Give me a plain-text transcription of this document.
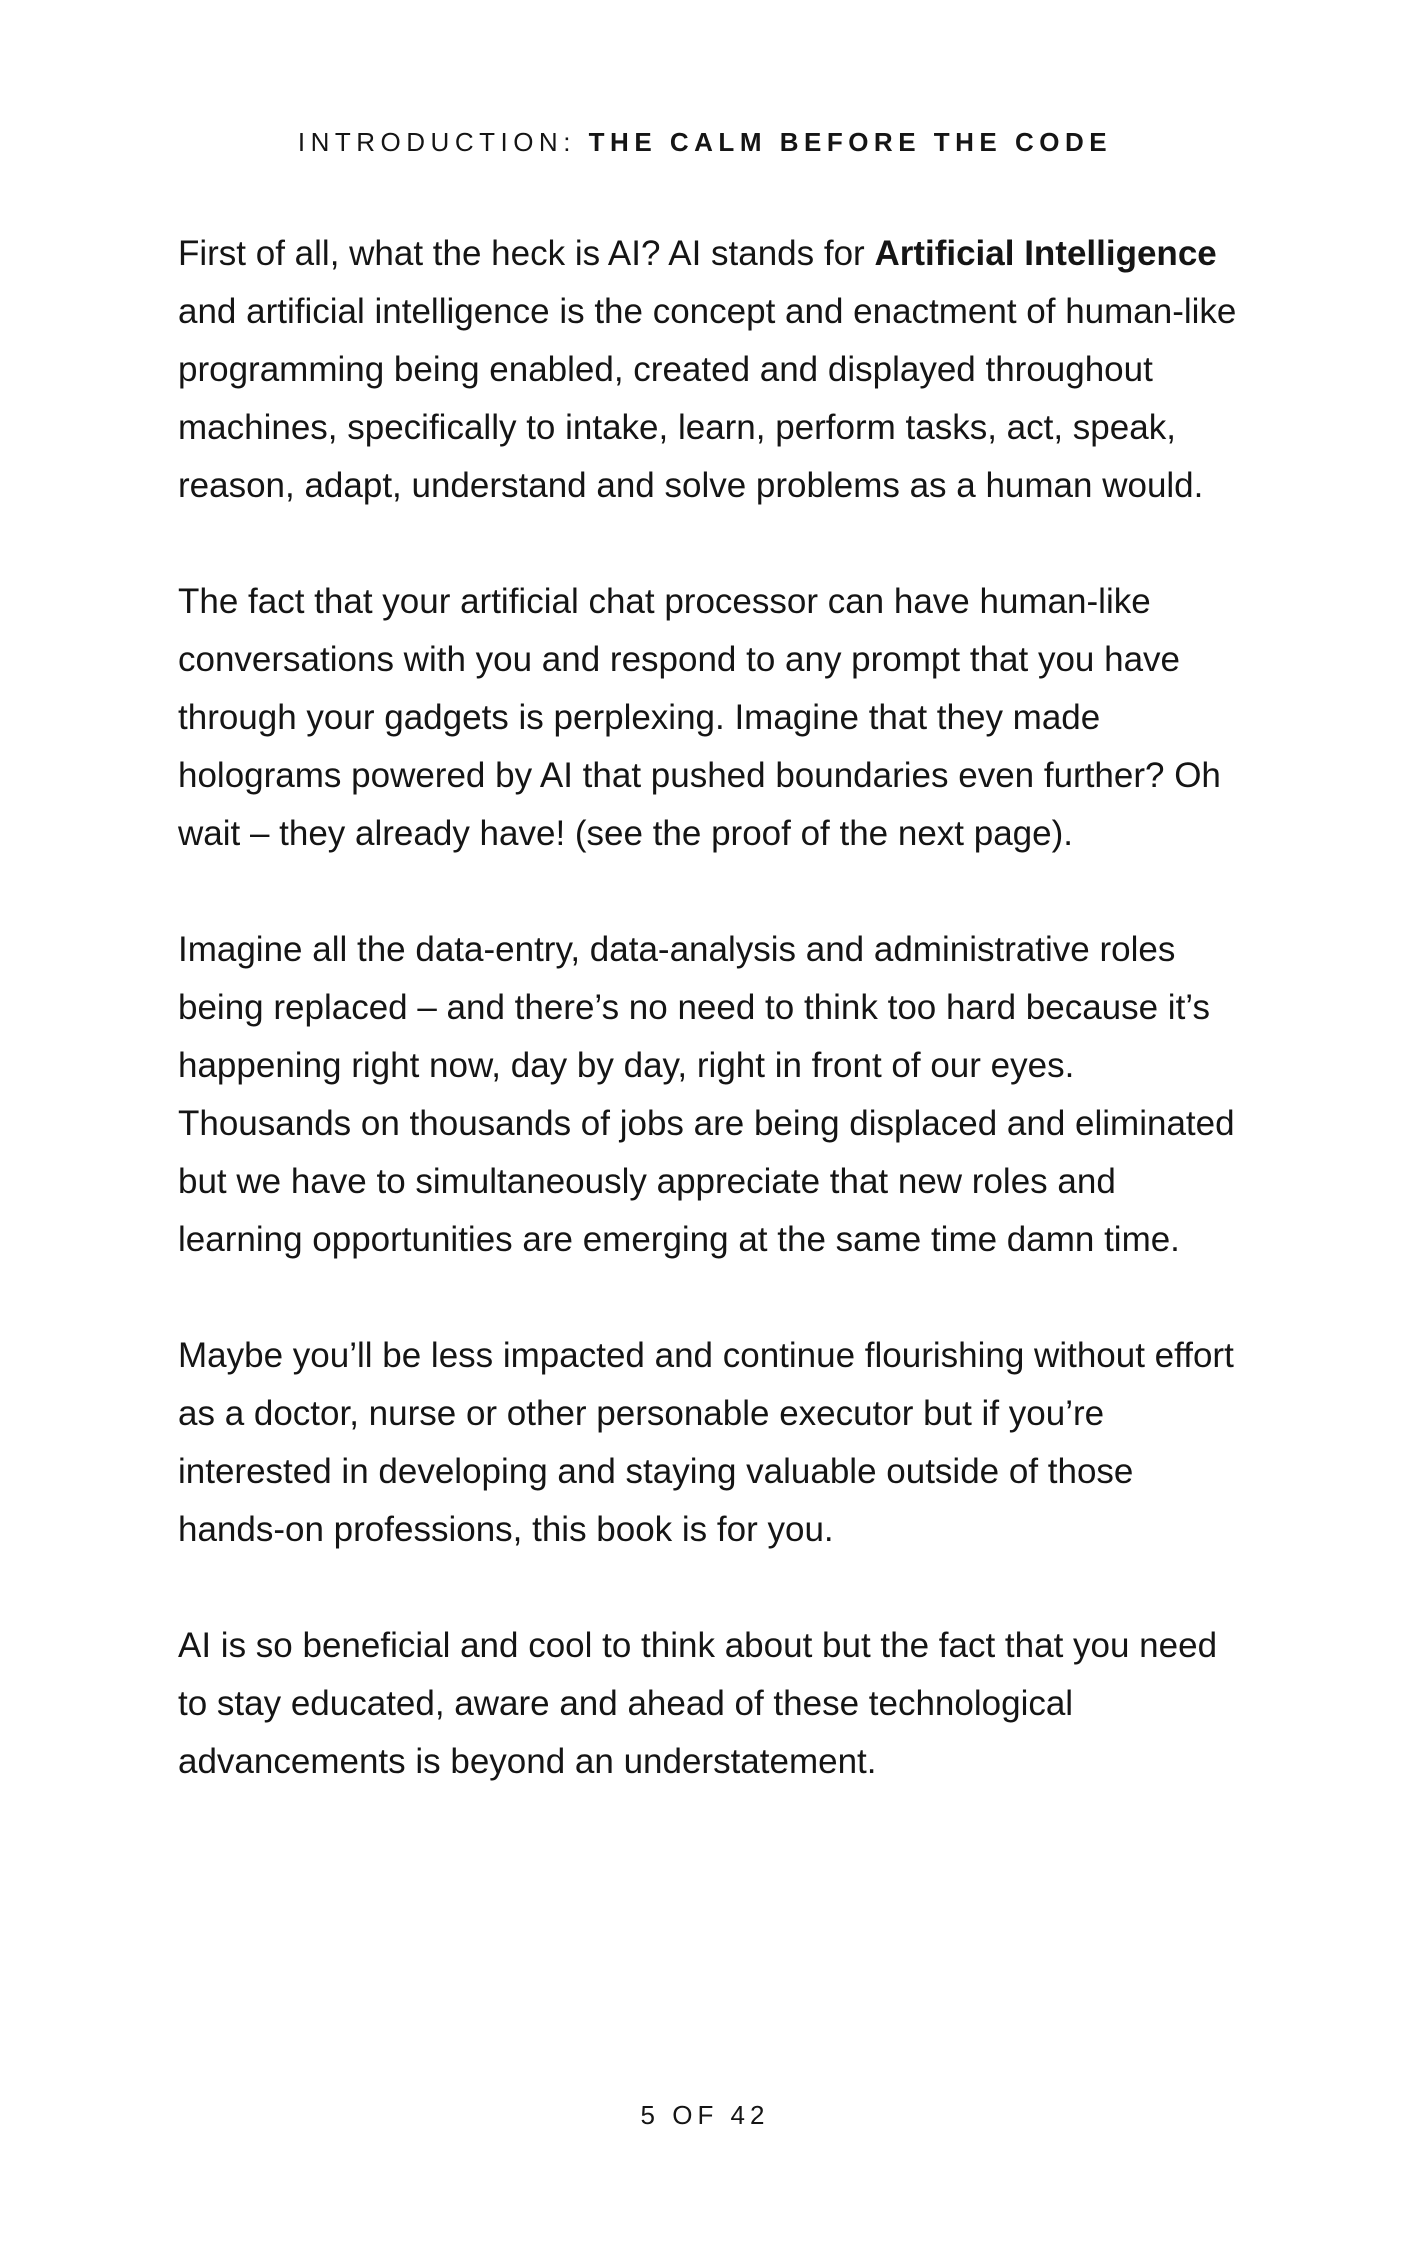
INTRODUCTION: THE CALM BEFORE THE CODE

First of all, what the heck is AI? AI stands for Artificial Intelligence and artificial intelligence is the concept and enactment of human-like programming being enabled, created and displayed throughout machines, specifically to intake, learn, perform tasks, act, speak, reason, adapt, understand and solve problems as a human would.

The fact that your artificial chat processor can have human-like conversations with you and respond to any prompt that you have through your gadgets is perplexing. Imagine that they made holograms powered by AI that pushed boundaries even further? Oh wait – they already have! (see the proof of the next page).

Imagine all the data-entry, data-analysis and administrative roles being replaced – and there’s no need to think too hard because it’s happening right now, day by day, right in front of our eyes. Thousands on thousands of jobs are being displaced and eliminated but we have to simultaneously appreciate that new roles and learning opportunities are emerging at the same time damn time.

Maybe you’ll be less impacted and continue flourishing without effort as a doctor, nurse or other personable executor but if you’re interested in developing and staying valuable outside of those hands-on professions, this book is for you.

AI is so beneficial and cool to think about but the fact that you need to stay educated, aware and ahead of these technological advancements is beyond an understatement.

5 OF 42
